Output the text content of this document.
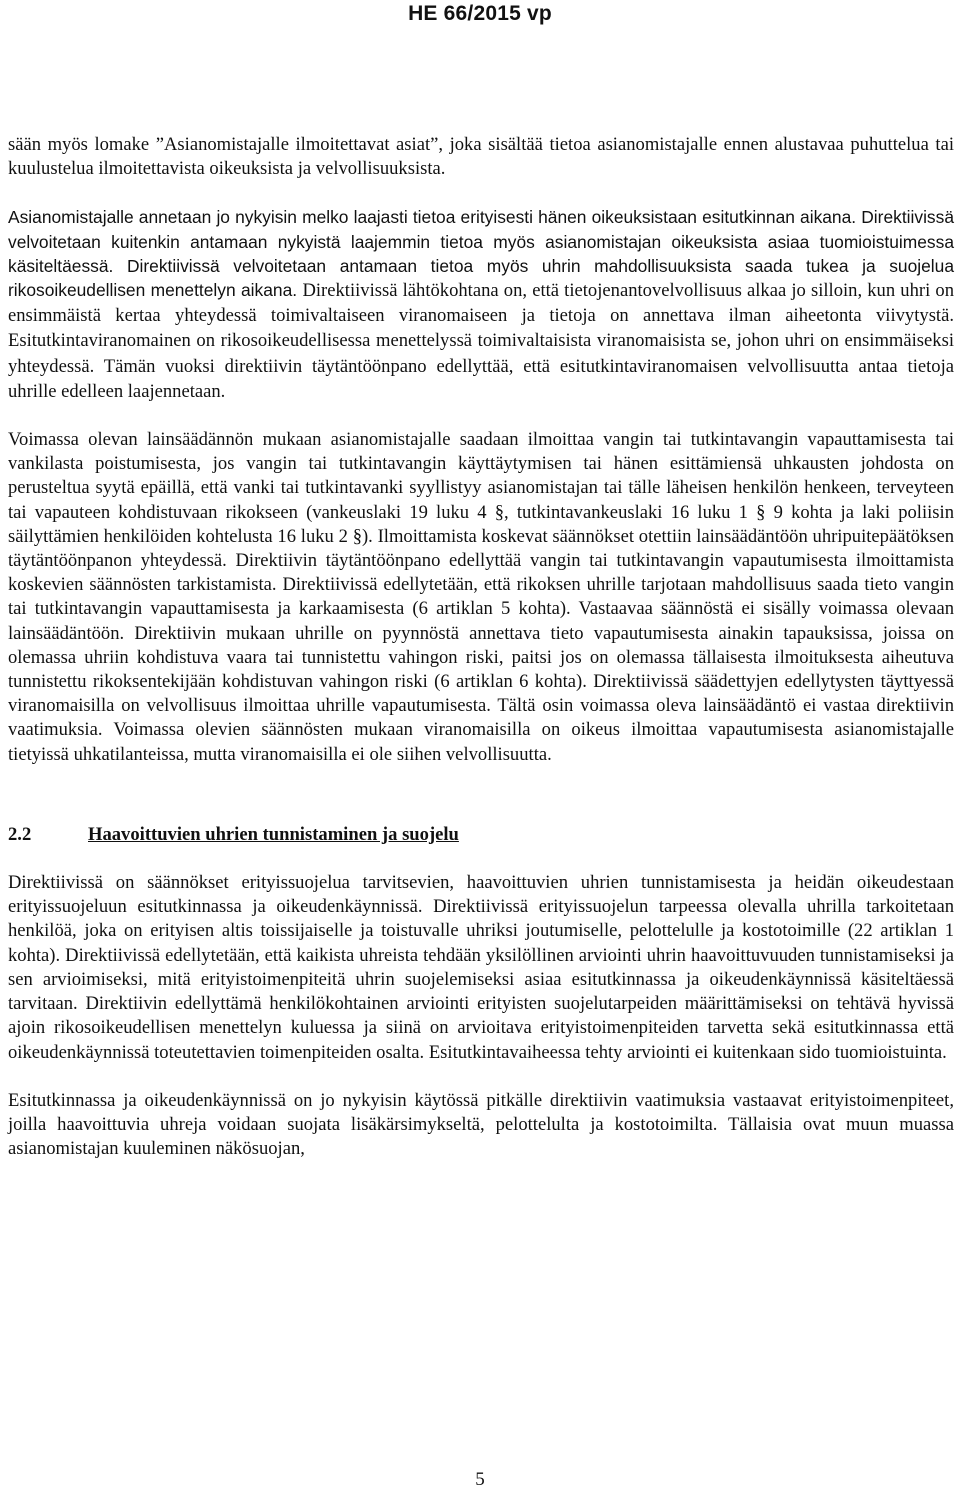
HE 66/2015 vp

sään myös lomake ”Asianomistajalle ilmoitettavat asiat”, joka sisältää tietoa asianomistajalle ennen alustavaa puhuttelua tai kuulustelua ilmoitettavista oikeuksista ja velvollisuuksista.

Asianomistajalle annetaan jo nykyisin melko laajasti tietoa erityisesti hänen oikeuksistaan esitutkinnan aikana. Direktiivissä velvoitetaan kuitenkin antamaan nykyistä laajemmin tietoa myös asianomistajan oikeuksista asiaa tuomioistuimessa käsiteltäessä. Direktiivissä velvoitetaan antamaan tietoa myös uhrin mahdollisuuksista saada tukea ja suojelua rikosoikeudellisen menettelyn aikana. Direktiivissä lähtökohtana on, että tietojenantovelvollisuus alkaa jo silloin, kun uhri on ensimmäistä kertaa yhteydessä toimivaltaiseen viranomaiseen ja tietoja on annettava ilman aiheetonta viivytystä. Esitutkintaviranomainen on rikosoikeudellisessa menettelyssä toimivaltaisista viranomaisista se, johon uhri on ensimmäiseksi yhteydessä. Tämän vuoksi direktiivin täytäntöönpano edellyttää, että esitutkintaviranomaisen velvollisuutta antaa tietoja uhrille edelleen laajennetaan.

Voimassa olevan lainsäädännön mukaan asianomistajalle saadaan ilmoittaa vangin tai tutkintavangin vapauttamisesta tai vankilasta poistumisesta, jos vangin tai tutkintavangin käyttäytymisen tai hänen esittämiensä uhkausten johdosta on perusteltua syytä epäillä, että vanki tai tutkintavanki syyllistyy asianomistajan tai tälle läheisen henkilön henkeen, terveyteen tai vapauteen kohdistuvaan rikokseen (vankeuslaki 19 luku 4 §, tutkintavankeuslaki 16 luku 1 § 9 kohta ja laki poliisin säilyttämien henkilöiden kohtelusta 16 luku 2 §). Ilmoittamista koskevat säännökset otettiin lainsäädäntöön uhripuitepäätöksen täytäntöönpanon yhteydessä. Direktiivin täytäntöönpano edellyttää vangin tai tutkintavangin vapautumisesta ilmoittamista koskevien säännösten tarkistamista. Direktiivissä edellytetään, että rikoksen uhrille tarjotaan mahdollisuus saada tieto vangin tai tutkintavangin vapauttamisesta ja karkaamisesta (6 artiklan 5 kohta). Vastaavaa säännöstä ei sisälly voimassa olevaan lainsäädäntöön. Direktiivin mukaan uhrille on pyynnöstä annettava tieto vapautumisesta ainakin tapauksissa, joissa on olemassa uhriin kohdistuva vaara tai tunnistettu vahingon riski, paitsi jos on olemassa tällaisesta ilmoituksesta aiheutuva tunnistettu rikoksentekijään kohdistuvan vahingon riski (6 artiklan 6 kohta). Direktiivissä säädettyjen edellytysten täyttyessä viranomaisilla on velvollisuus ilmoittaa uhrille vapautumisesta. Tältä osin voimassa oleva lainsäädäntö ei vastaa direktiivin vaatimuksia. Voimassa olevien säännösten mukaan viranomaisilla on oikeus ilmoittaa vapautumisesta asianomistajalle tietyissä uhkatilanteissa, mutta viranomaisilla ei ole siihen velvollisuutta.

2.2	Haavoittuvien uhrien tunnistaminen ja suojelu

Direktiivissä on säännökset erityissuojelua tarvitsevien, haavoittuvien uhrien tunnistamisesta ja heidän oikeudestaan erityissuojeluun esitutkinnassa ja oikeudenkäynnissä. Direktiivissä erityissuojelun tarpeessa olevalla uhrilla tarkoitetaan henkilöä, joka on erityisen altis toissijaiselle ja toistuvalle uhriksi joutumiselle, pelottelulle ja kostotoimille (22 artiklan 1 kohta). Direktiivissä edellytetään, että kaikista uhreista tehdään yksilöllinen arviointi uhrin haavoittuvuuden tunnistamiseksi ja sen arvioimiseksi, mitä erityistoimenpiteitä uhrin suojelemiseksi asiaa esitutkinnassa ja oikeudenkäynnissä käsiteltäessä tarvitaan. Direktiivin edellyttämä henkilökohtainen arviointi erityisten suojelutarpeiden määrittämiseksi on tehtävä hyvissä ajoin rikosoikeudellisen menettelyn kuluessa ja siinä on arvioitava erityistoimenpiteiden tarvetta sekä esitutkinnassa että oikeudenkäynnissä toteutettavien toimenpiteiden osalta. Esitutkintavaiheessa tehty arviointi ei kuitenkaan sido tuomioistuinta.

Esitutkinnassa ja oikeudenkäynnissä on jo nykyisin käytössä pitkälle direktiivin vaatimuksia vastaavat erityistoimenpiteet, joilla haavoittuvia uhreja voidaan suojata lisäkärsimykseltä, pelottelulta ja kostotoimilta. Tällaisia ovat muun muassa asianomistajan kuuleminen näkösuojan,

5
